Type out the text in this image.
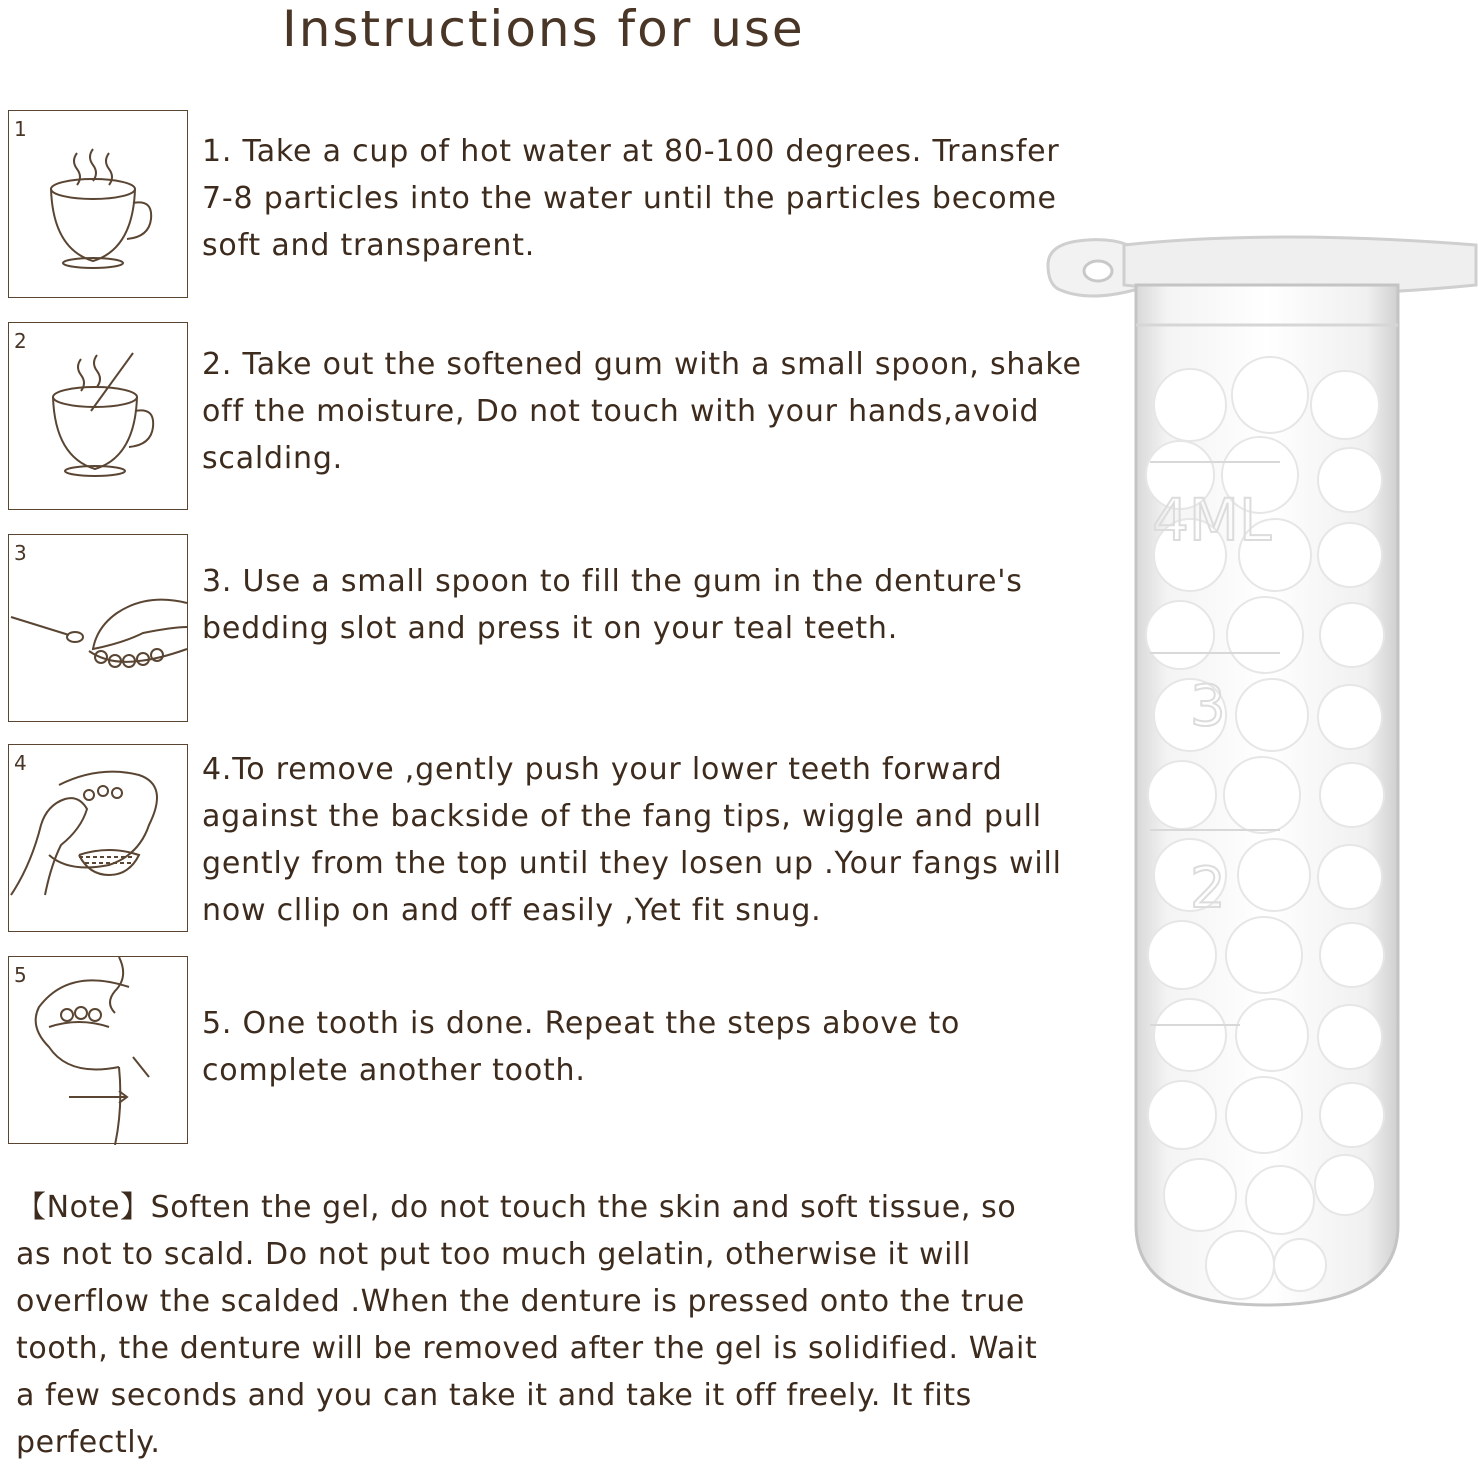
Instructions for use
1
1. Take a cup of hot water at 80-100 degrees. Transfer 7-8 particles into the water until the particles become soft and transparent.
2
2. Take out the softened gum with a small spoon, shake off the moisture, Do not touch with your hands,avoid scalding.
3
3. Use a small spoon to fill the gum in the denture's bedding slot and press it on your teal teeth.
4	4.To remove ,gently push your lower teeth forward against the backside of the fang tips, wiggle and pull gently from the top until they losen up .Your fangs will now cllip on and off easily ,Yet fit snug.
5
5. One tooth is done. Repeat the steps above to complete another tooth.
【Note】Soften the gel, do not touch the skin and soft tissue, so as not to scald. Do not put too much gelatin, otherwise it will overflow the scalded .When the denture is pressed onto the true tooth, the denture will be removed after the gel is solidified. Wait a few seconds and you can take it and take it off freely. It fits perfectly.
4ML
3
2
